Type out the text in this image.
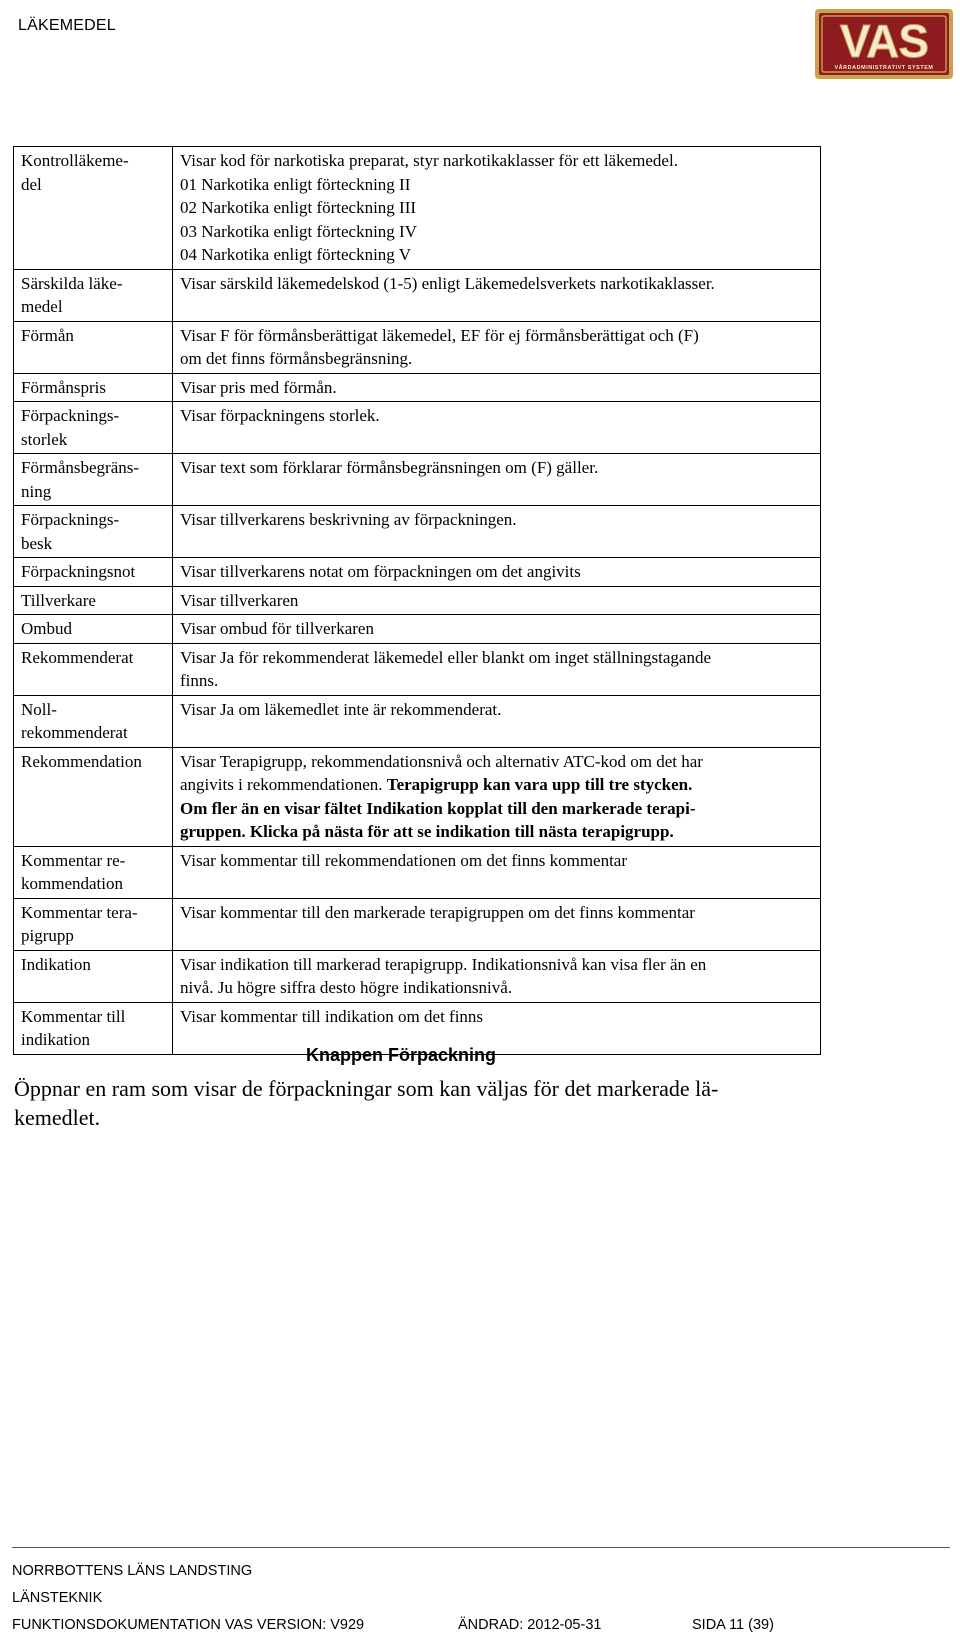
LÄKEMEDEL	VAS
VÅRDADMINISTRATIVT SYSTEM
Kontrolläkeme-
del	Visar kod för narkotiska preparat, styr narkotikaklasser för ett läkemedel.
01 Narkotika enligt förteckning II
02 Narkotika enligt förteckning III
03 Narkotika enligt förteckning IV
04 Narkotika enligt förteckning V

Särskilda läke-
medel	Visar särskild läkemedelskod (1-5) enligt Läkemedelsverkets narkotikaklasser.

Förmån	Visar F för förmånsberättigat läkemedel, EF för ej förmånsberättigat och (F)
om det finns förmånsbegränsning.

Förmånspris	Visar pris med förmån.

Förpacknings-
storlek	Visar förpackningens storlek.

Förmånsbegräns-
ning	Visar text som förklarar förmånsbegränsningen om (F) gäller.

Förpacknings-
besk	Visar tillverkarens beskrivning av förpackningen.

Förpackningsnot	Visar tillverkarens notat om förpackningen om det angivits

Tillverkare	Visar tillverkaren

Ombud	Visar ombud för tillverkaren

Rekommenderat	Visar Ja för rekommenderat läkemedel eller blankt om inget ställningstagande
finns.

Noll-
rekommenderat	Visar Ja om läkemedlet inte är rekommenderat.

Rekommendation	Visar Terapigrupp, rekommendationsnivå och alternativ ATC-kod om det har
angivits i rekommendationen. Terapigrupp kan vara upp till tre stycken.
Om fler än en visar fältet Indikation kopplat till den markerade terapi-
gruppen. Klicka på nästa för att se indikation till nästa terapigrupp.

Kommentar re-
kommendation	Visar kommentar till rekommendationen om det finns kommentar

Kommentar tera-
pigrupp	Visar kommentar till den markerade terapigruppen om det finns kommentar

Indikation	Visar indikation till markerad terapigrupp. Indikationsnivå kan visa fler än en
nivå. Ju högre siffra desto högre indikationsnivå.

Kommentar till
indikation	Visar kommentar till indikation om det finns
Knappen Förpackning
Öppnar en ram som visar de förpackningar som kan väljas för det markerade lä-
kemedlet.
NORRBOTTENS LÄNS LANDSTING
LÄNSTEKNIK
FUNKTIONSDOKUMENTATION VAS VERSION: V929	ÄNDRAD: 2012-05-31	SIDA 11 (39)
